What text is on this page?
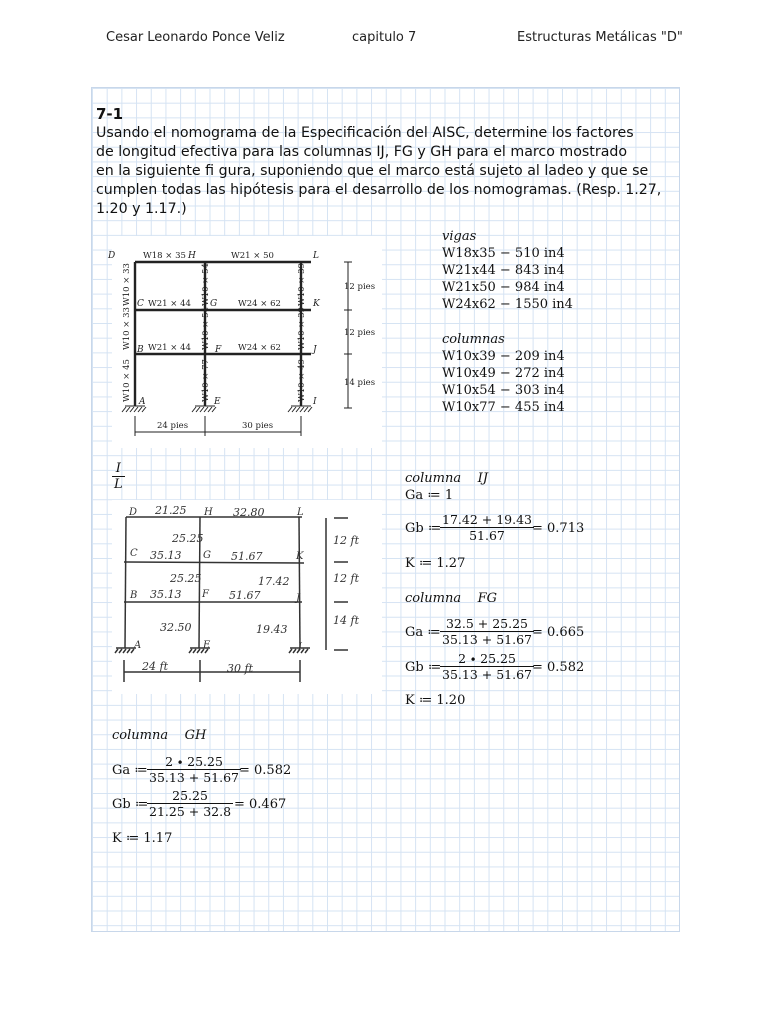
Cesar Leonardo Ponce Veliz	capitulo 7	Estructuras Metálicas "D"
7-1
Usando el nomograma de la Especificación del AISC, determine los factores
de longitud efectiva para las columnas IJ, FG y GH para el marco mostrado
en la siguiente fi gura, suponiendo que el marco está sujeto al ladeo y que se
cumplen todas las hipótesis para el desarrollo de los nomogramas. (Resp. 1.27,
1.20 y 1.17.)
D	H	L
C	G	K
B	F	J
A	E	I
W18 × 35	W21 × 50
W21 × 44	W24 × 62
W21 × 44	W24 × 62
W10 × 33	W10 × 54	W10 × 39
W10 × 33	W10 × 54	W10 × 39
W10 × 45	W10 × 77	W10 × 49
12 pies
12 pies
14 pies
24 pies	30 pies
vigas
W18x35 − 510 in4
W21x44 − 843 in4
W21x50 − 984 in4
W24x62 − 1550 in4
columnas
W10x39 − 209 in4
W10x49 − 272 in4
W10x54 − 303 in4
W10x77 − 455 in4
$\frac{I}{L}$
D	H	L
C	G	K
B	F	J
A	E	I
21.25	32.80
35.13	51.67
35.13	51.67
25.25
25.25	17.42
32.50	19.43
12 ft
12 ft
14 ft
24 ft	30 ft
columna    IJ
Ga ≔ 1
Gb ≔
$\frac{17.42 + 19.43}{51.67}$
= 0.713
K ≔ 1.27
columna    FG
Ga ≔ $\frac{32.5 + 25.25}{35.13 + 51.67}$
= 0.665
Gb ≔
$\frac{2 \cdot 25.25}{35.13 + 51.67}$
= 0.582
K ≔ 1.20
columna    GH
Ga ≔ $\frac{2 \cdot 25.25}{35.13 + 51.67}$
= 0.582
Gb ≔
$\frac{25.25}{21.25 + 32.8} = 0.467$
K ≔ 1.17
